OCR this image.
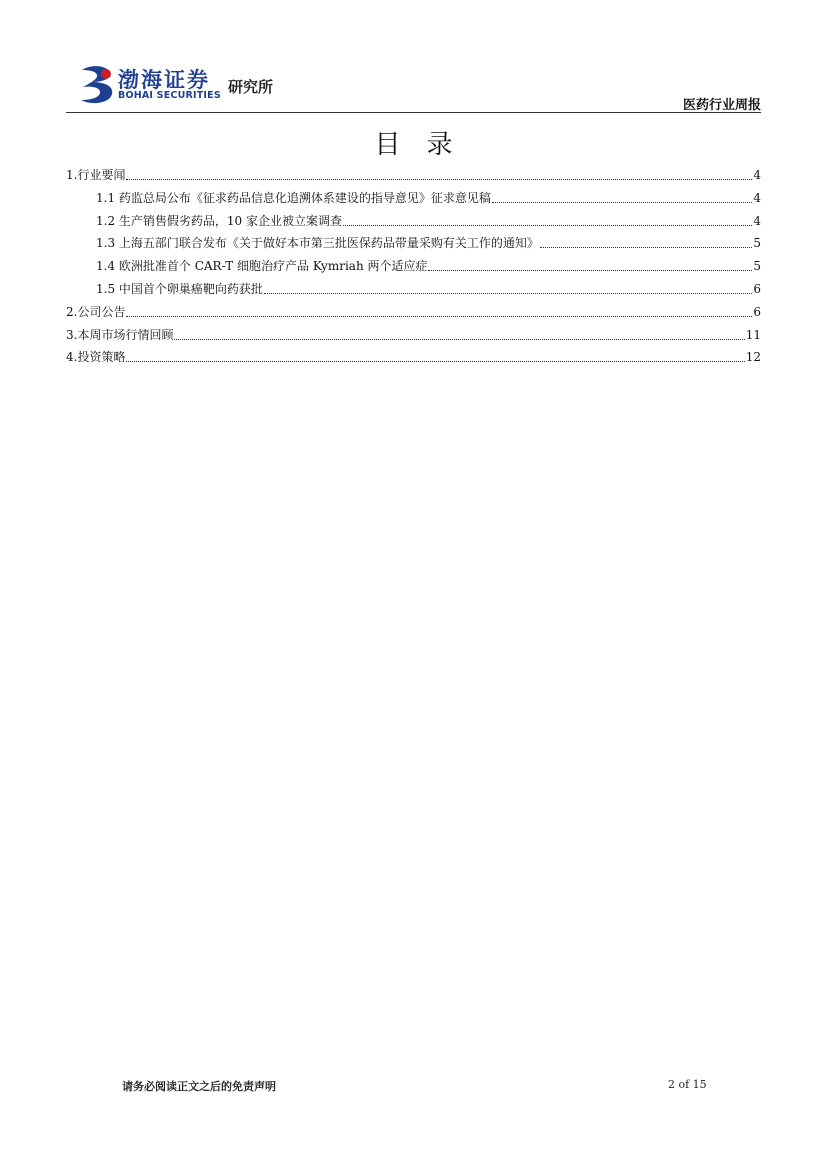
渤海证券
BOHAI SECURITIES 研究所
医药行业周报
目录
1.行业要闻	4
1.1 药监总局公布《征求药品信息化追溯体系建设的指导意见》征求意见稿	4
1.2 生产销售假劣药品，10 家企业被立案调查	4
1.3 上海五部门联合发布《关于做好本市第三批医保药品带量采购有关工作的通知》	5
1.4 欧洲批准首个 CAR-T 细胞治疗产品 Kymriah 两个适应症	5
1.5 中国首个卵巢癌靶向药获批	6
2.公司公告	6
3.本周市场行情回顾	11
4.投资策略	12
请务必阅读正文之后的免责声明	2 of 15
